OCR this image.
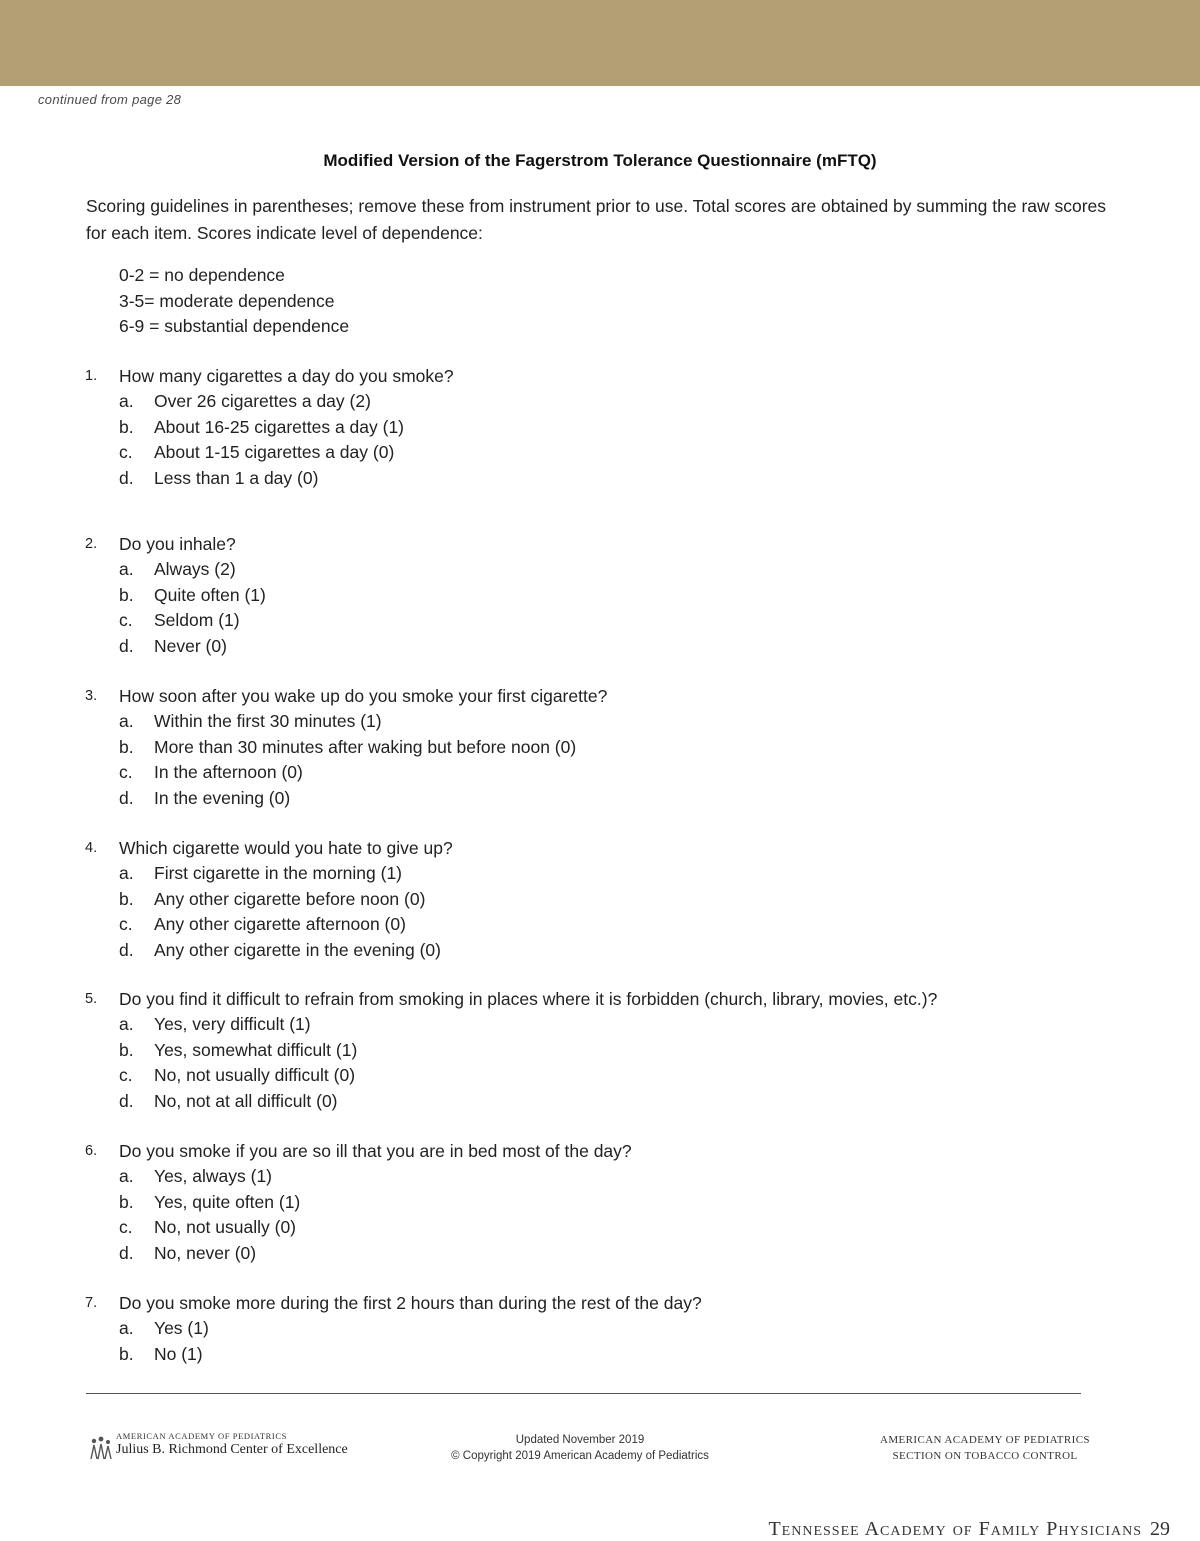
continued from page 28
Modified Version of the Fagerstrom Tolerance Questionnaire (mFTQ)
Scoring guidelines in parentheses; remove these from instrument prior to use. Total scores are obtained by summing the raw scores for each item. Scores indicate level of dependence:
0-2 = no dependence
3-5= moderate dependence
6-9 = substantial dependence
1. How many cigarettes a day do you smoke?
a. Over 26 cigarettes a day (2)
b. About 16-25 cigarettes a day (1)
c. About 1-15 cigarettes a day (0)
d. Less than 1 a day (0)
2. Do you inhale?
a. Always (2)
b. Quite often (1)
c. Seldom (1)
d. Never (0)
3. How soon after you wake up do you smoke your first cigarette?
a. Within the first 30 minutes (1)
b. More than 30 minutes after waking but before noon (0)
c. In the afternoon (0)
d. In the evening (0)
4. Which cigarette would you hate to give up?
a. First cigarette in the morning (1)
b. Any other cigarette before noon (0)
c. Any other cigarette afternoon (0)
d. Any other cigarette in the evening (0)
5. Do you find it difficult to refrain from smoking in places where it is forbidden (church, library, movies, etc.)?
a. Yes, very difficult (1)
b. Yes, somewhat difficult (1)
c. No, not usually difficult (0)
d. No, not at all difficult (0)
6. Do you smoke if you are so ill that you are in bed most of the day?
a. Yes, always (1)
b. Yes, quite often (1)
c. No, not usually (0)
d. No, never (0)
7. Do you smoke more during the first 2 hours than during the rest of the day?
a. Yes (1)
b. No (1)
AMERICAN ACADEMY OF PEDIATRICS
Julius B. Richmond Center of Excellence
Updated November 2019
© Copyright 2019 American Academy of Pediatrics
AMERICAN ACADEMY OF PEDIATRICS
SECTION ON TOBACCO CONTROL
Tennessee Academy of Family Physicians 29
